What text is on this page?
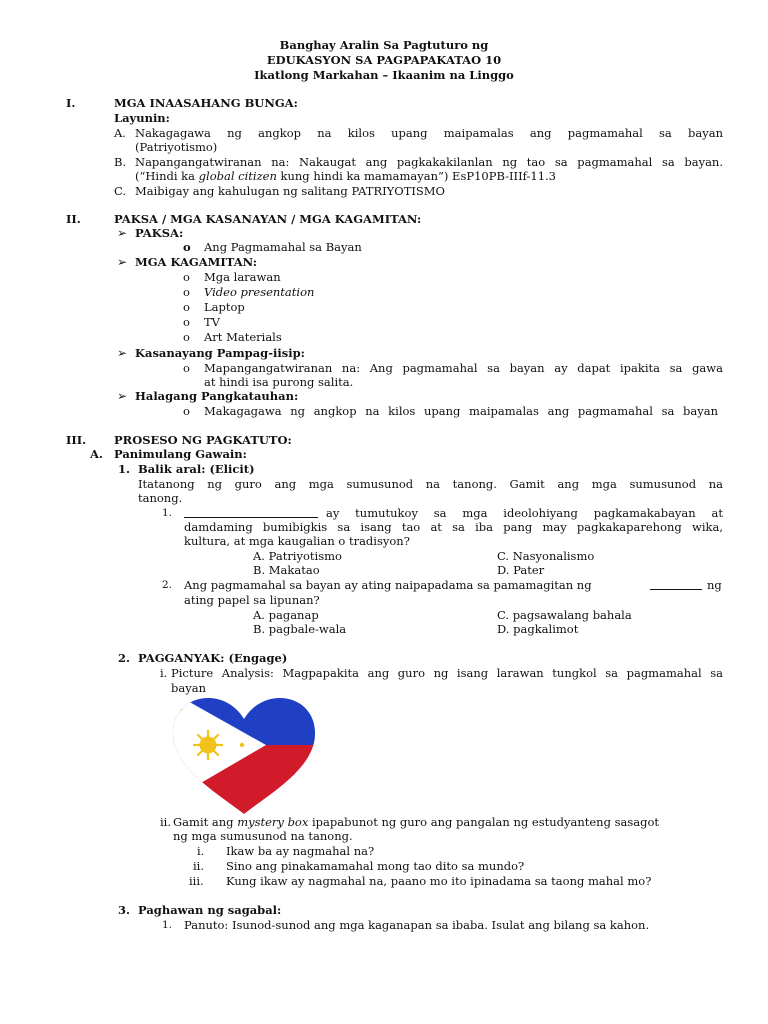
Banghay Aralin Sa Pagtuturo ng
EDUKASYON SA PAGPAPAKATAO 10
Ikatlong Markahan – Ikaanim na Linggo
I.	MGA INAASAHANG BUNGA:
Layunin:
A. Nakagagawa ng angkop na kilos upang maipamalas ang pagmamahal sa bayan
(Patriyotismo)
B. Napangangatwiranan na: Nakaugat ang pagkakakilanlan ng tao sa pagmamahal sa bayan.
(“Hindi ka global citizen kung hindi ka mamamayan”) EsP10PB-IIIf-11.3
C. Maibigay ang kahulugan ng salitang PATRIYOTISMO
II.	PAKSA / MGA KASANAYAN / MGA KAGAMITAN:
➢ PAKSA:
o Ang Pagmamahal sa Bayan
➢ MGA KAGAMITAN:
o Mga larawan
o Video presentation
o Laptop
o TV
o Art Materials
➢ Kasanayang Pampag-iisip:
o Mapangangatwiranan na: Ang pagmamahal sa bayan ay dapat ipakita sa gawa
at hindi isa purong salita.
➢ Halagang Pangkatauhan:
o Makagagawa ng angkop na kilos upang maipamalas ang pagmamahal sa bayan
III. PROSESO NG PAGKATUTO:
A. Panimulang Gawain:
1. Balik aral: (Elicit)
Itatanong ng guro ang mga sumusunod na tanong. Gamit ang mga sumusunod na
tanong.
1.	ay tumutukoy sa mga ideolohiyang pagkamakabayan at
damdaming bumibigkis sa isang tao at sa iba pang may pagkakaparehong wika,
kultura, at mga kaugalian o tradisyon?
A. Patriyotismo	C. Nasyonalismo
B. Makatao	D. Pater
2. Ang pagmamahal sa bayan ay ating naipapadama sa pamamagitan ng	ng
ating papel sa lipunan?
A. paganap	C. pagsawalang bahala
B. pagbale-wala	D. pagkalimot
2. PAGGANYAK: (Engage)
i. Picture Analysis: Magpapakita ang guro ng isang larawan tungkol sa pagmamahal sa
bayan
ii. Gamit ang mystery box ipapabunot ng guro ang pangalan ng estudyanteng sasagot
ng mga sumusunod na tanong.
i. Ikaw ba ay nagmahal na?
ii. Sino ang pinakamamahal mong tao dito sa mundo?
iii. Kung ikaw ay nagmahal na, paano mo ito ipinadama sa taong mahal mo?
3. Paghawan ng sagabal:
1. Panuto: Isunod-sunod ang mga kaganapan sa ibaba. Isulat ang bilang sa kahon.
